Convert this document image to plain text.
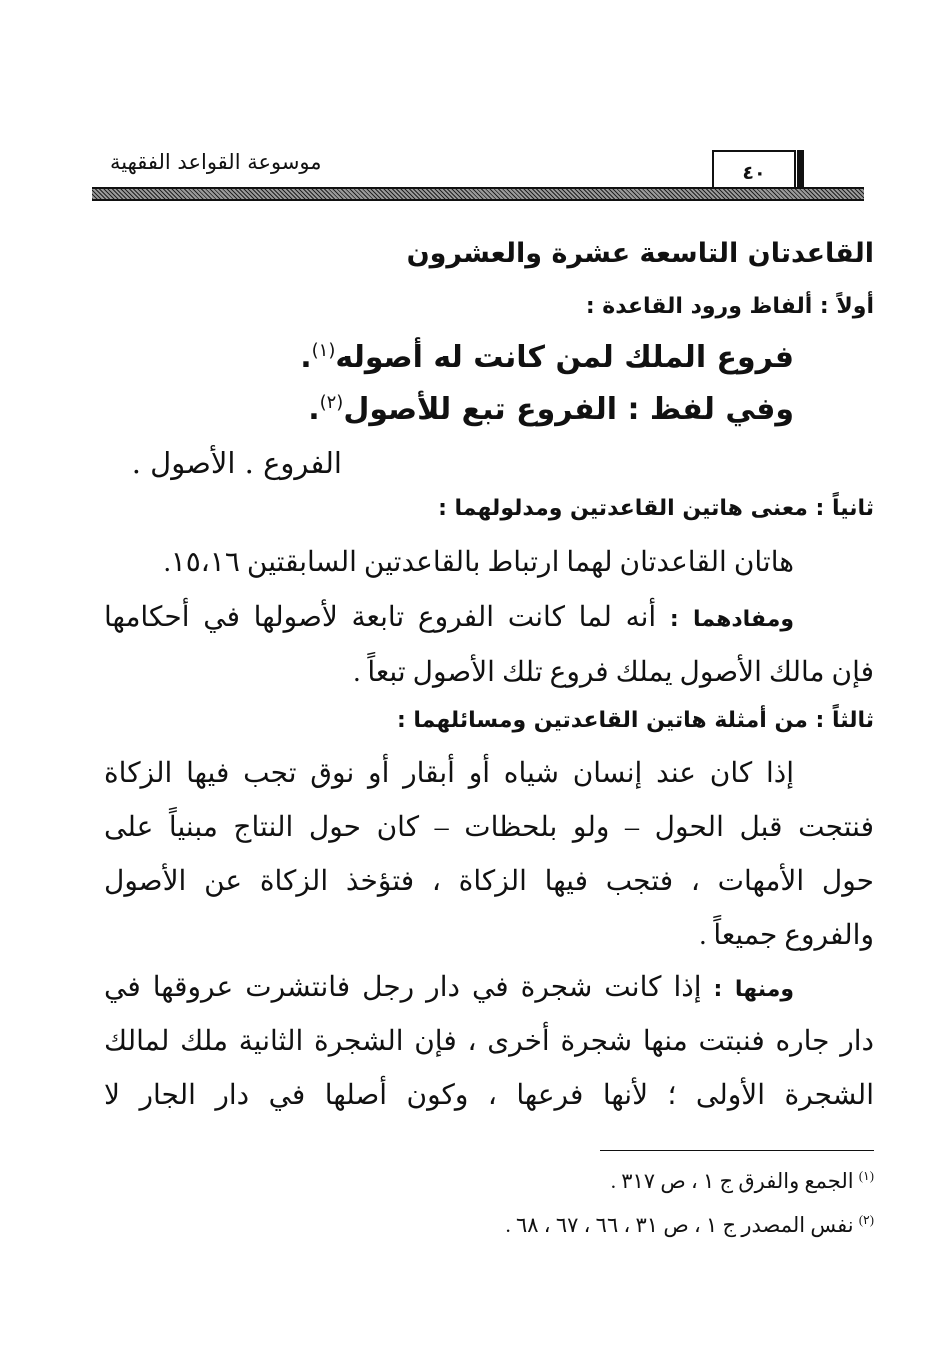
موسوعة القواعد الفقهية	٤٠
القاعدتان التاسعة عشرة والعشرون
أولاً : ألفاظ ورود القاعدة :
فروع الملك لمن كانت له أصوله$^{(١)}$.
وفي لفظ : الفروع تبع للأصول$^{(٢)}$.
الفروع . الأصول .
ثانياً : معنى هاتين القاعدتين ومدلولهما :
هاتان القاعدتان لهما ارتباط بالقاعدتين السابقتين ١٥،١٦.
ومفادهما : أنه لما كانت الفروع تابعة لأصولها في أحكامها
فإن مالك الأصول يملك فروع تلك الأصول تبعاً .
ثالثاً : من أمثلة هاتين القاعدتين ومسائلهما :
إذا كان عند إنسان شياه أو أبقار أو نوق تجب فيها الزكاة
فنتجت قبل الحول – ولو بلحظات – كان حول النتاج مبنياً على
حول الأمهات ، فتجب فيها الزكاة ، فتؤخذ الزكاة عن الأصول
والفروع جميعاً .
ومنها : إذا كانت شجرة في دار رجل فانتشرت عروقها في
دار جاره فنبتت منها شجرة أخرى ، فإن الشجرة الثانية ملك لمالك
الشجرة الأولى ؛ لأنها فرعها ، وكون أصلها في دار الجار لا
$^{(١)}$ الجمع والفرق ج ١ ، ص ٣١٧ .
$^{(٢)}$ نفس المصدر ج ١ ، ص ٣١ ، ٦٦ ، ٦٧ ، ٦٨ .
